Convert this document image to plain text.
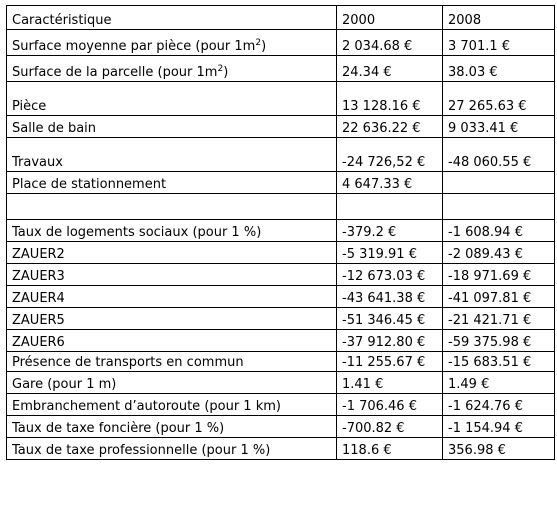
Caractéristique	2000	2008
Surface moyenne par pièce (pour $1m^2$)	2 034.68 €	3 701.1 €
Surface de la parcelle (pour $1m^2$)	24.34 €	38.03 €
Pièce	13 128.16 €	27 265.63 €
Salle de bain	22 636.22 €	9 033.41 €
Travaux	-24 726,52 €	-48 060.55 €
Place de stationnement	4 647.33 €	

Taux de logements sociaux (pour 1 %)	-379.2 €	-1 608.94 €
ZAUER2	-5 319.91 €	-2 089.43 €
ZAUER3	-12 673.03 €	-18 971.69 €
ZAUER4	-43 641.38 €	-41 097.81 €
ZAUER5	-51 346.45 €	-21 421.71 €
ZAUER6	-37 912.80 €	-59 375.98 €
Présence de transports en commun	-11 255.67 €	-15 683.51 €
Gare (pour 1 m)	1.41 €	1.49 €
Embranchement d’autoroute (pour 1 km)	-1 706.46 €	-1 624.76 €
Taux de taxe foncière (pour 1 %)	-700.82 €	-1 154.94 €
Taux de taxe professionnelle (pour 1 %)	118.6 €	356.98 €
